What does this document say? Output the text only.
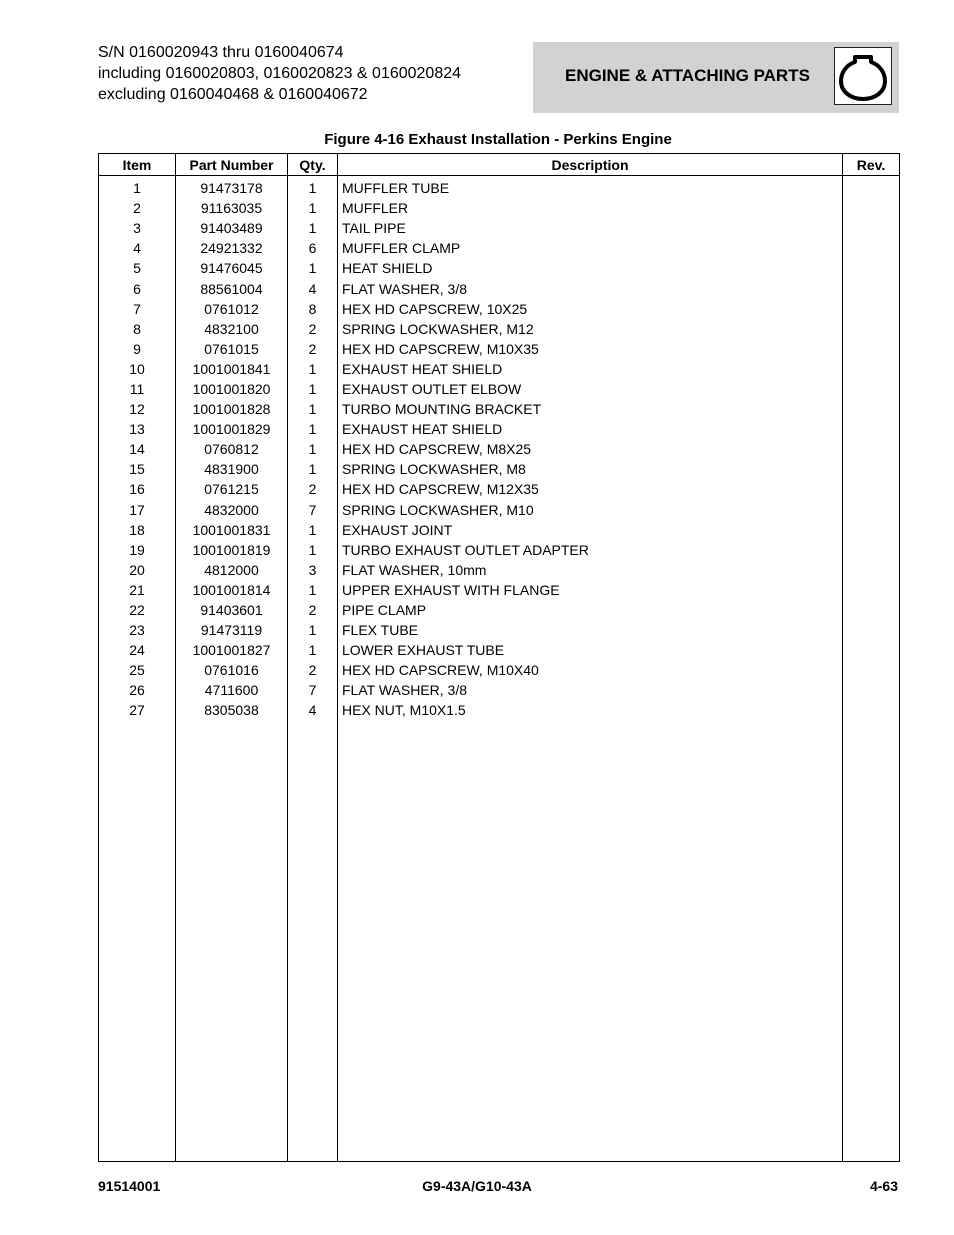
S/N 0160020943 thru 0160040674
including 0160020803, 0160020823 & 0160020824
excluding 0160040468 & 0160040672
ENGINE & ATTACHING PARTS
Figure 4-16 Exhaust Installation - Perkins Engine
Item	Part Number	Qty.	Description	Rev.
1	91473178	1	MUFFLER TUBE	
2	91163035	1	MUFFLER	
3	91403489	1	TAIL PIPE	
4	24921332	6	MUFFLER CLAMP	
5	91476045	1	HEAT SHIELD	
6	88561004	4	FLAT WASHER, 3/8	
7	0761012	8	HEX HD CAPSCREW, 10X25	
8	4832100	2	SPRING LOCKWASHER, M12	
9	0761015	2	HEX HD CAPSCREW, M10X35	
10	1001001841	1	EXHAUST HEAT SHIELD	
11	1001001820	1	EXHAUST OUTLET ELBOW	
12	1001001828	1	TURBO MOUNTING BRACKET	
13	1001001829	1	EXHAUST HEAT SHIELD	
14	0760812	1	HEX HD CAPSCREW, M8X25	
15	4831900	1	SPRING LOCKWASHER, M8	
16	0761215	2	HEX HD CAPSCREW, M12X35	
17	4832000	7	SPRING LOCKWASHER, M10	
18	1001001831	1	EXHAUST JOINT	
19	1001001819	1	TURBO EXHAUST OUTLET ADAPTER	
20	4812000	3	FLAT WASHER, 10mm	
21	1001001814	1	UPPER EXHAUST WITH FLANGE	
22	91403601	2	PIPE CLAMP	
23	91473119	1	FLEX TUBE	
24	1001001827	1	LOWER EXHAUST TUBE	
25	0761016	2	HEX HD CAPSCREW, M10X40	
26	4711600	7	FLAT WASHER, 3/8	
27	8305038	4	HEX NUT, M10X1.5	

91514001	G9-43A/G10-43A	4-63
